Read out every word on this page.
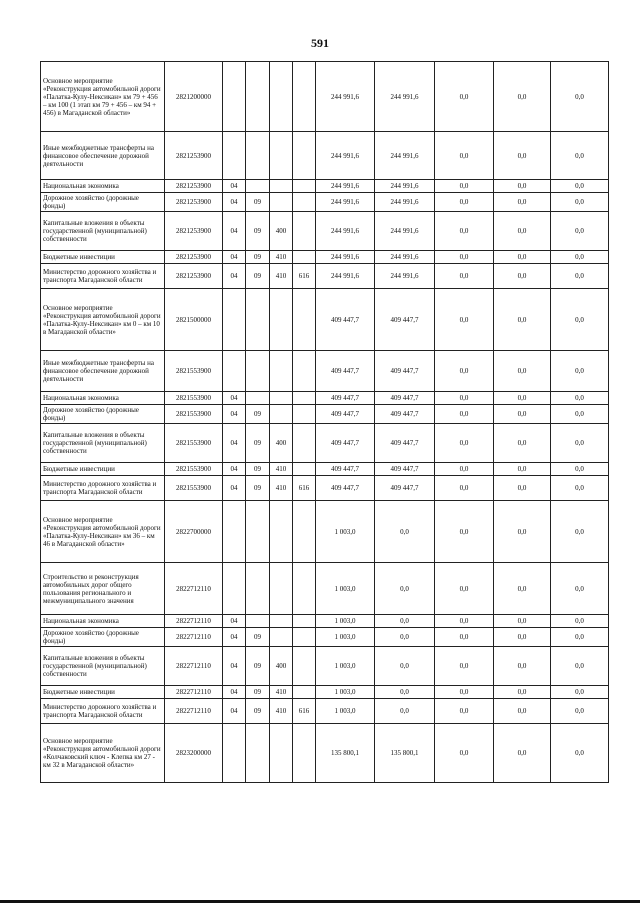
591
Основное мероприятие «Реконструкция автомобильной дороги «Палатка-Кулу-Нексикан» км 79 + 456 – км 100 (1 этап км 79 + 456 – км 94 + 456) в Магаданской области»	2821200000					244 991,6	244 991,6	0,0	0,0	0,0
Иные межбюджетные трансферты на финансовое обеспечение дорожной деятельности	2821253900					244 991,6	244 991,6	0,0	0,0	0,0
Национальная экономика	2821253900	04				244 991,6	244 991,6	0,0	0,0	0,0
Дорожное хозяйство (дорожные фонды)	2821253900	04	09			244 991,6	244 991,6	0,0	0,0	0,0
Капитальные вложения в объекты государственной (муниципальной) собственности	2821253900	04	09	400		244 991,6	244 991,6	0,0	0,0	0,0
Бюджетные инвестиции	2821253900	04	09	410		244 991,6	244 991,6	0,0	0,0	0,0
Министерство дорожного хозяйства и транспорта Магаданской области	2821253900	04	09	410	616	244 991,6	244 991,6	0,0	0,0	0,0
Основное мероприятие «Реконструкция автомобильной дороги «Палатка-Кулу-Нексикан» км 0 – км 10 в Магаданской области»	2821500000					409 447,7	409 447,7	0,0	0,0	0,0
Иные межбюджетные трансферты на финансовое обеспечение дорожной деятельности	2821553900					409 447,7	409 447,7	0,0	0,0	0,0
Национальная экономика	2821553900	04				409 447,7	409 447,7	0,0	0,0	0,0
Дорожное хозяйство (дорожные фонды)	2821553900	04	09			409 447,7	409 447,7	0,0	0,0	0,0
Капитальные вложения в объекты государственной (муниципальной) собственности	2821553900	04	09	400		409 447,7	409 447,7	0,0	0,0	0,0
Бюджетные инвестиции	2821553900	04	09	410		409 447,7	409 447,7	0,0	0,0	0,0
Министерство дорожного хозяйства и транспорта Магаданской области	2821553900	04	09	410	616	409 447,7	409 447,7	0,0	0,0	0,0
Основное мероприятие «Реконструкция автомобильной дороги «Палатка-Кулу-Нексикан» км 36 – км 46 в Магаданской области»	2822700000					1 003,0	0,0	0,0	0,0	0,0
Строительство и реконструкция автомобильных дорог общего пользования регионального и межмуниципального значения	2822712110					1 003,0	0,0	0,0	0,0	0,0
Национальная экономика	2822712110	04				1 003,0	0,0	0,0	0,0	0,0
Дорожное хозяйство (дорожные фонды)	2822712110	04	09			1 003,0	0,0	0,0	0,0	0,0
Капитальные вложения в объекты государственной (муниципальной) собственности	2822712110	04	09	400		1 003,0	0,0	0,0	0,0	0,0
Бюджетные инвестиции	2822712110	04	09	410		1 003,0	0,0	0,0	0,0	0,0
Министерство дорожного хозяйства и транспорта Магаданской области	2822712110	04	09	410	616	1 003,0	0,0	0,0	0,0	0,0
Основное мероприятие «Реконструкция автомобильной дороги «Колчаковский ключ - Клепка км 27 - км 32 в Магаданской области»	2823200000					135 800,1	135 800,1	0,0	0,0	0,0
